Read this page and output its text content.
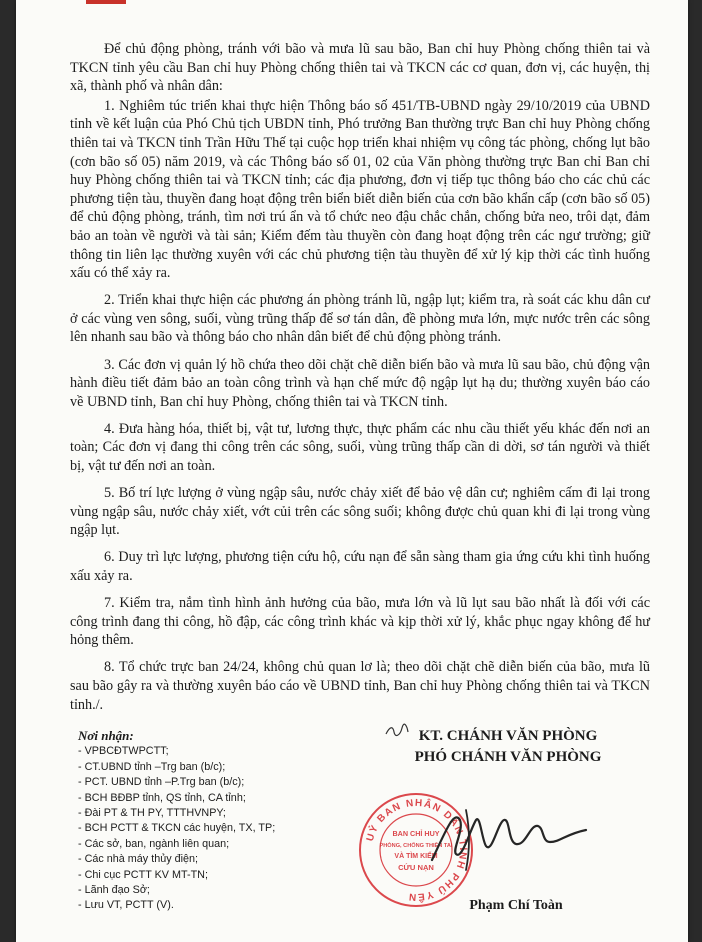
Để chủ động phòng, tránh với bão và mưa lũ sau bão, Ban chỉ huy Phòng chống thiên tai và TKCN tỉnh yêu cầu Ban chỉ huy Phòng chống thiên tai và TKCN các cơ quan, đơn vị, các huyện, thị xã, thành phố và nhân dân:

1. Nghiêm túc triển khai thực hiện Thông báo số 451/TB-UBND ngày 29/10/2019 của UBND tỉnh về kết luận của Phó Chủ tịch UBDN tỉnh, Phó trưởng Ban thường trực Ban chỉ huy Phòng chống thiên tai và TKCN tỉnh Trần Hữu Thế tại cuộc họp triển khai nhiệm vụ công tác phòng, chống lụt bão (cơn bão số 05) năm 2019, và các Thông báo số 01, 02 của Văn phòng thường trực Ban chỉ Ban chỉ huy Phòng chống thiên tai và TKCN tỉnh; các địa phương, đơn vị tiếp tục thông báo cho các chủ các phương tiện tàu, thuyền đang hoạt động trên biển biết diễn biến của cơn bão khẩn cấp (cơn bão số 05) để chủ động phòng, tránh, tìm nơi trú ẩn và tổ chức neo đậu chắc chắn, chống bửa neo, trôi dạt, đảm bảo an toàn về người và tài sản; Kiểm đếm tàu thuyền còn đang hoạt động trên các ngư trường; giữ thông tin liên lạc thường xuyên với các chủ phương tiện tàu thuyền để xử lý kịp thời các tình huống xấu có thể xảy ra.

2. Triển khai thực hiện các phương án phòng tránh lũ, ngập lụt; kiểm tra, rà soát các khu dân cư ở các vùng ven sông, suối, vùng trũng thấp để sơ tán dân, đề phòng mưa lớn, mực nước trên các sông lên nhanh sau bão và thông báo cho nhân dân biết để chủ động phòng tránh.

3. Các đơn vị quản lý hồ chứa theo dõi chặt chẽ diễn biến bão và mưa lũ sau bão, chủ động vận hành điều tiết đảm bảo an toàn công trình và hạn chế mức độ ngập lụt hạ du; thường xuyên báo cáo về UBND tỉnh, Ban chỉ huy Phòng, chống thiên tai và TKCN tỉnh.

4. Đưa hàng hóa, thiết bị, vật tư, lương thực, thực phẩm các nhu cầu thiết yếu khác đến nơi an toàn; Các đơn vị đang thi công trên các sông, suối, vùng trũng thấp cần di dời, sơ tán người và thiết bị, vật tư đến nơi an toàn.

5. Bố trí lực lượng ở vùng ngập sâu, nước chảy xiết để bảo vệ dân cư; nghiêm cấm đi lại trong vùng ngập sâu, nước chảy xiết, vớt củi trên các sông suối; không được chủ quan khi đi lại trong vùng ngập lụt.

6. Duy trì lực lượng, phương tiện cứu hộ, cứu nạn để sẵn sàng tham gia ứng cứu khi tình huống xấu xảy ra.

7. Kiểm tra, nắm tình hình ảnh hưởng của bão, mưa lớn và lũ lụt sau bão nhất là đối với các công trình đang thi công, hồ đập, các công trình khác và kịp thời xử lý, khắc phục ngay không để hư hỏng thêm.

8. Tổ chức trực ban 24/24, không chủ quan lơ là; theo dõi chặt chẽ diễn biến của bão, mưa lũ sau bão gây ra và thường xuyên báo cáo về UBND tỉnh, Ban chỉ huy Phòng chống thiên tai và TKCN tỉnh./.

Nơi nhận:
- VPBCĐTWPCTT;
- CT.UBND tỉnh –Trg ban (b/c);
- PCT. UBND tỉnh –P.Trg ban (b/c);
- BCH BĐBP tỉnh, QS tỉnh, CA tỉnh;
- Đài PT & TH PY, TTTHVNPY;
- BCH PCTT & TKCN các huyện, TX, TP;
- Các sở, ban, ngành liên quan;
- Các nhà máy thủy điện;
- Chi cục PCTT KV MT-TN;
- Lãnh đạo Sở;
- Lưu VT, PCTT (V).
KT. CHÁNH VĂN PHÒNG
PHÓ CHÁNH VĂN PHÒNG
UỶ BAN NHÂN DÂN TỈNH PHÚ YÊN
BAN CHỈ HUY
PHÒNG, CHỐNG THIÊN TAI
VÀ TÌM KIẾM
CỨU NẠN
Phạm Chí Toàn
